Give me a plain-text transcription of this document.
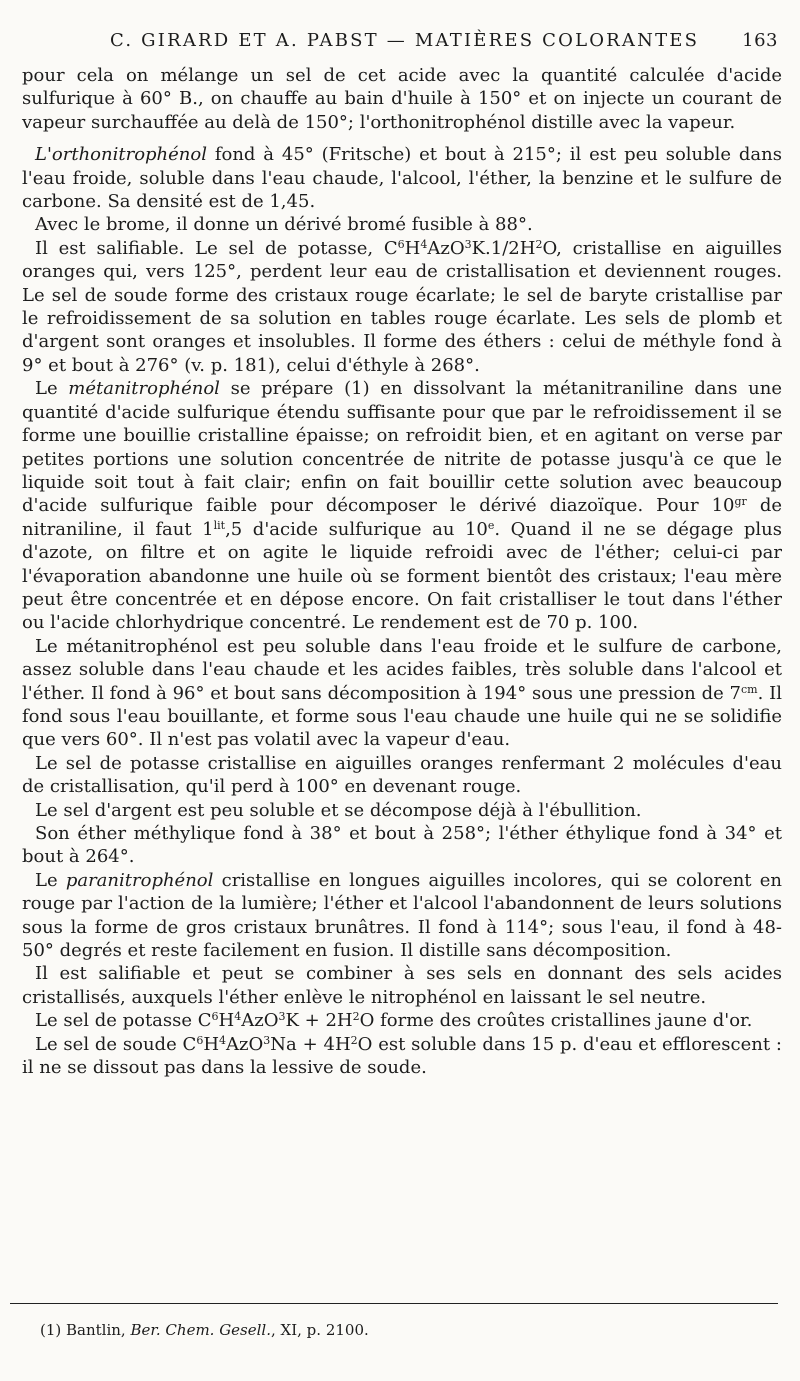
C. GIRARD ET A. PABST — MATIÈRES COLORANTES 163

pour cela on mélange un sel de cet acide avec la quantité calculée d'acide sulfurique à 60° B., on chauffe au bain d'huile à 150° et on injecte un courant de vapeur surchauffée au delà de 150°; l'orthonitrophénol distille avec la vapeur.

L'orthonitrophénol fond à 45° (Fritsche) et bout à 215°; il est peu soluble dans l'eau froide, soluble dans l'eau chaude, l'alcool, l'éther, la benzine et le sulfure de carbone. Sa densité est de 1,45.

Avec le brome, il donne un dérivé bromé fusible à 88°.

Il est salifiable. Le sel de potasse, $C^6H^4AzO^3K.1/2H^2O$, cristallise en aiguilles oranges qui, vers 125°, perdent leur eau de cristallisation et deviennent rouges. Le sel de soude forme des cristaux rouge écarlate; le sel de baryte cristallise par le refroidissement de sa solution en tables rouge écarlate. Les sels de plomb et d'argent sont oranges et insolubles. Il forme des éthers : celui de méthyle fond à 9° et bout à 276° (v. p. 181), celui d'éthyle à 268°.

Le métanitrophénol se prépare (1) en dissolvant la métanitraniline dans une quantité d'acide sulfurique étendu suffisante pour que par le refroidissement il se forme une bouillie cristalline épaisse; on refroidit bien, et en agitant on verse par petites portions une solution concentrée de nitrite de potasse jusqu'à ce que le liquide soit tout à fait clair; enfin on fait bouillir cette solution avec beaucoup d'acide sulfurique faible pour décomposer le dérivé diazoïque. Pour $10^{gr}$ de nitraniline, il faut $1^{lit},5$ d'acide sulfurique au 10e. Quand il ne se dégage plus d'azote, on filtre et on agite le liquide refroidi avec de l'éther; celui-ci par l'évaporation abandonne une huile où se forment bientôt des cristaux; l'eau mère peut être concentrée et en dépose encore. On fait cristalliser le tout dans l'éther ou l'acide chlorhydrique concentré. Le rendement est de 70 p. 100.

Le métanitrophénol est peu soluble dans l'eau froide et le sulfure de carbone, assez soluble dans l'eau chaude et les acides faibles, très soluble dans l'alcool et l'éther. Il fond à 96° et bout sans décomposition à 194° sous une pression de $7^{cm}$. Il fond sous l'eau bouillante, et forme sous l'eau chaude une huile qui ne se solidifie que vers 60°. Il n'est pas volatil avec la vapeur d'eau.

Le sel de potasse cristallise en aiguilles oranges renfermant 2 molécules d'eau de cristallisation, qu'il perd à 100° en devenant rouge.

Le sel d'argent est peu soluble et se décompose déjà à l'ébullition.

Son éther méthylique fond à 38° et bout à 258°; l'éther éthylique fond à 34° et bout à 264°.

Le paranitrophénol cristallise en longues aiguilles incolores, qui se colorent en rouge par l'action de la lumière; l'éther et l'alcool l'abandonnent de leurs solutions sous la forme de gros cristaux brunâtres. Il fond à 114°; sous l'eau, il fond à 48-50° degrés et reste facilement en fusion. Il distille sans décomposition.

Il est salifiable et peut se combiner à ses sels en donnant des sels acides cristallisés, auxquels l'éther enlève le nitrophénol en laissant le sel neutre.

Le sel de potasse $C^6H^4AzO^3K + 2H^2O$ forme des croûtes cristallines jaune d'or.

Le sel de soude $C^6H^4AzO^3Na + 4H^2O$ est soluble dans 15 p. d'eau et efflorescent : il ne se dissout pas dans la lessive de soude.

(1) Bantlin, Ber. Chem. Gesell., XI, p. 2100.
